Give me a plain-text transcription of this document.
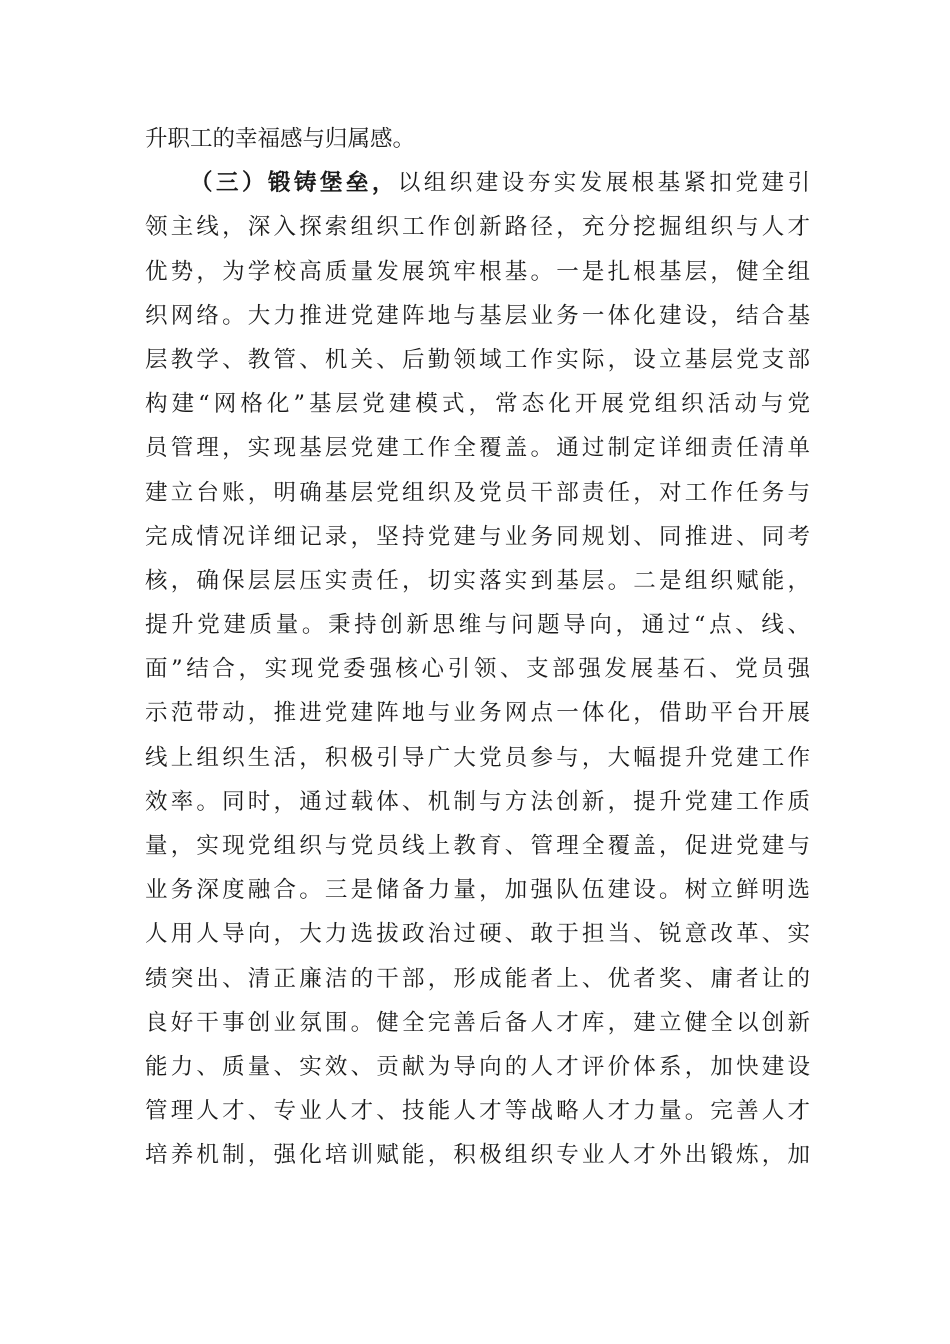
升职工的幸福感与归属感。
（三）锻铸堡垒，以组织建设夯实发展根基紧扣党建引
领主线，深入探索组织工作创新路径，充分挖掘组织与人才
优势，为学校高质量发展筑牢根基。一是扎根基层，健全组
织网络。大力推进党建阵地与基层业务一体化建设，结合基
层教学、教管、机关、后勤领域工作实际，设立基层党支部
构建“网格化”基层党建模式，常态化开展党组织活动与党
员管理，实现基层党建工作全覆盖。通过制定详细责任清单
建立台账，明确基层党组织及党员干部责任，对工作任务与
完成情况详细记录，坚持党建与业务同规划、同推进、同考
核，确保层层压实责任，切实落实到基层。二是组织赋能，
提升党建质量。秉持创新思维与问题导向，通过“点、线、
面”结合，实现党委强核心引领、支部强发展基石、党员强
示范带动，推进党建阵地与业务网点一体化，借助平台开展
线上组织生活，积极引导广大党员参与，大幅提升党建工作
效率。同时，通过载体、机制与方法创新，提升党建工作质
量，实现党组织与党员线上教育、管理全覆盖，促进党建与
业务深度融合。三是储备力量，加强队伍建设。树立鲜明选
人用人导向，大力选拔政治过硬、敢于担当、锐意改革、实
绩突出、清正廉洁的干部，形成能者上、优者奖、庸者让的
良好干事创业氛围。健全完善后备人才库，建立健全以创新
能力、质量、实效、贡献为导向的人才评价体系，加快建设
管理人才、专业人才、技能人才等战略人才力量。完善人才
培养机制，强化培训赋能，积极组织专业人才外出锻炼，加
